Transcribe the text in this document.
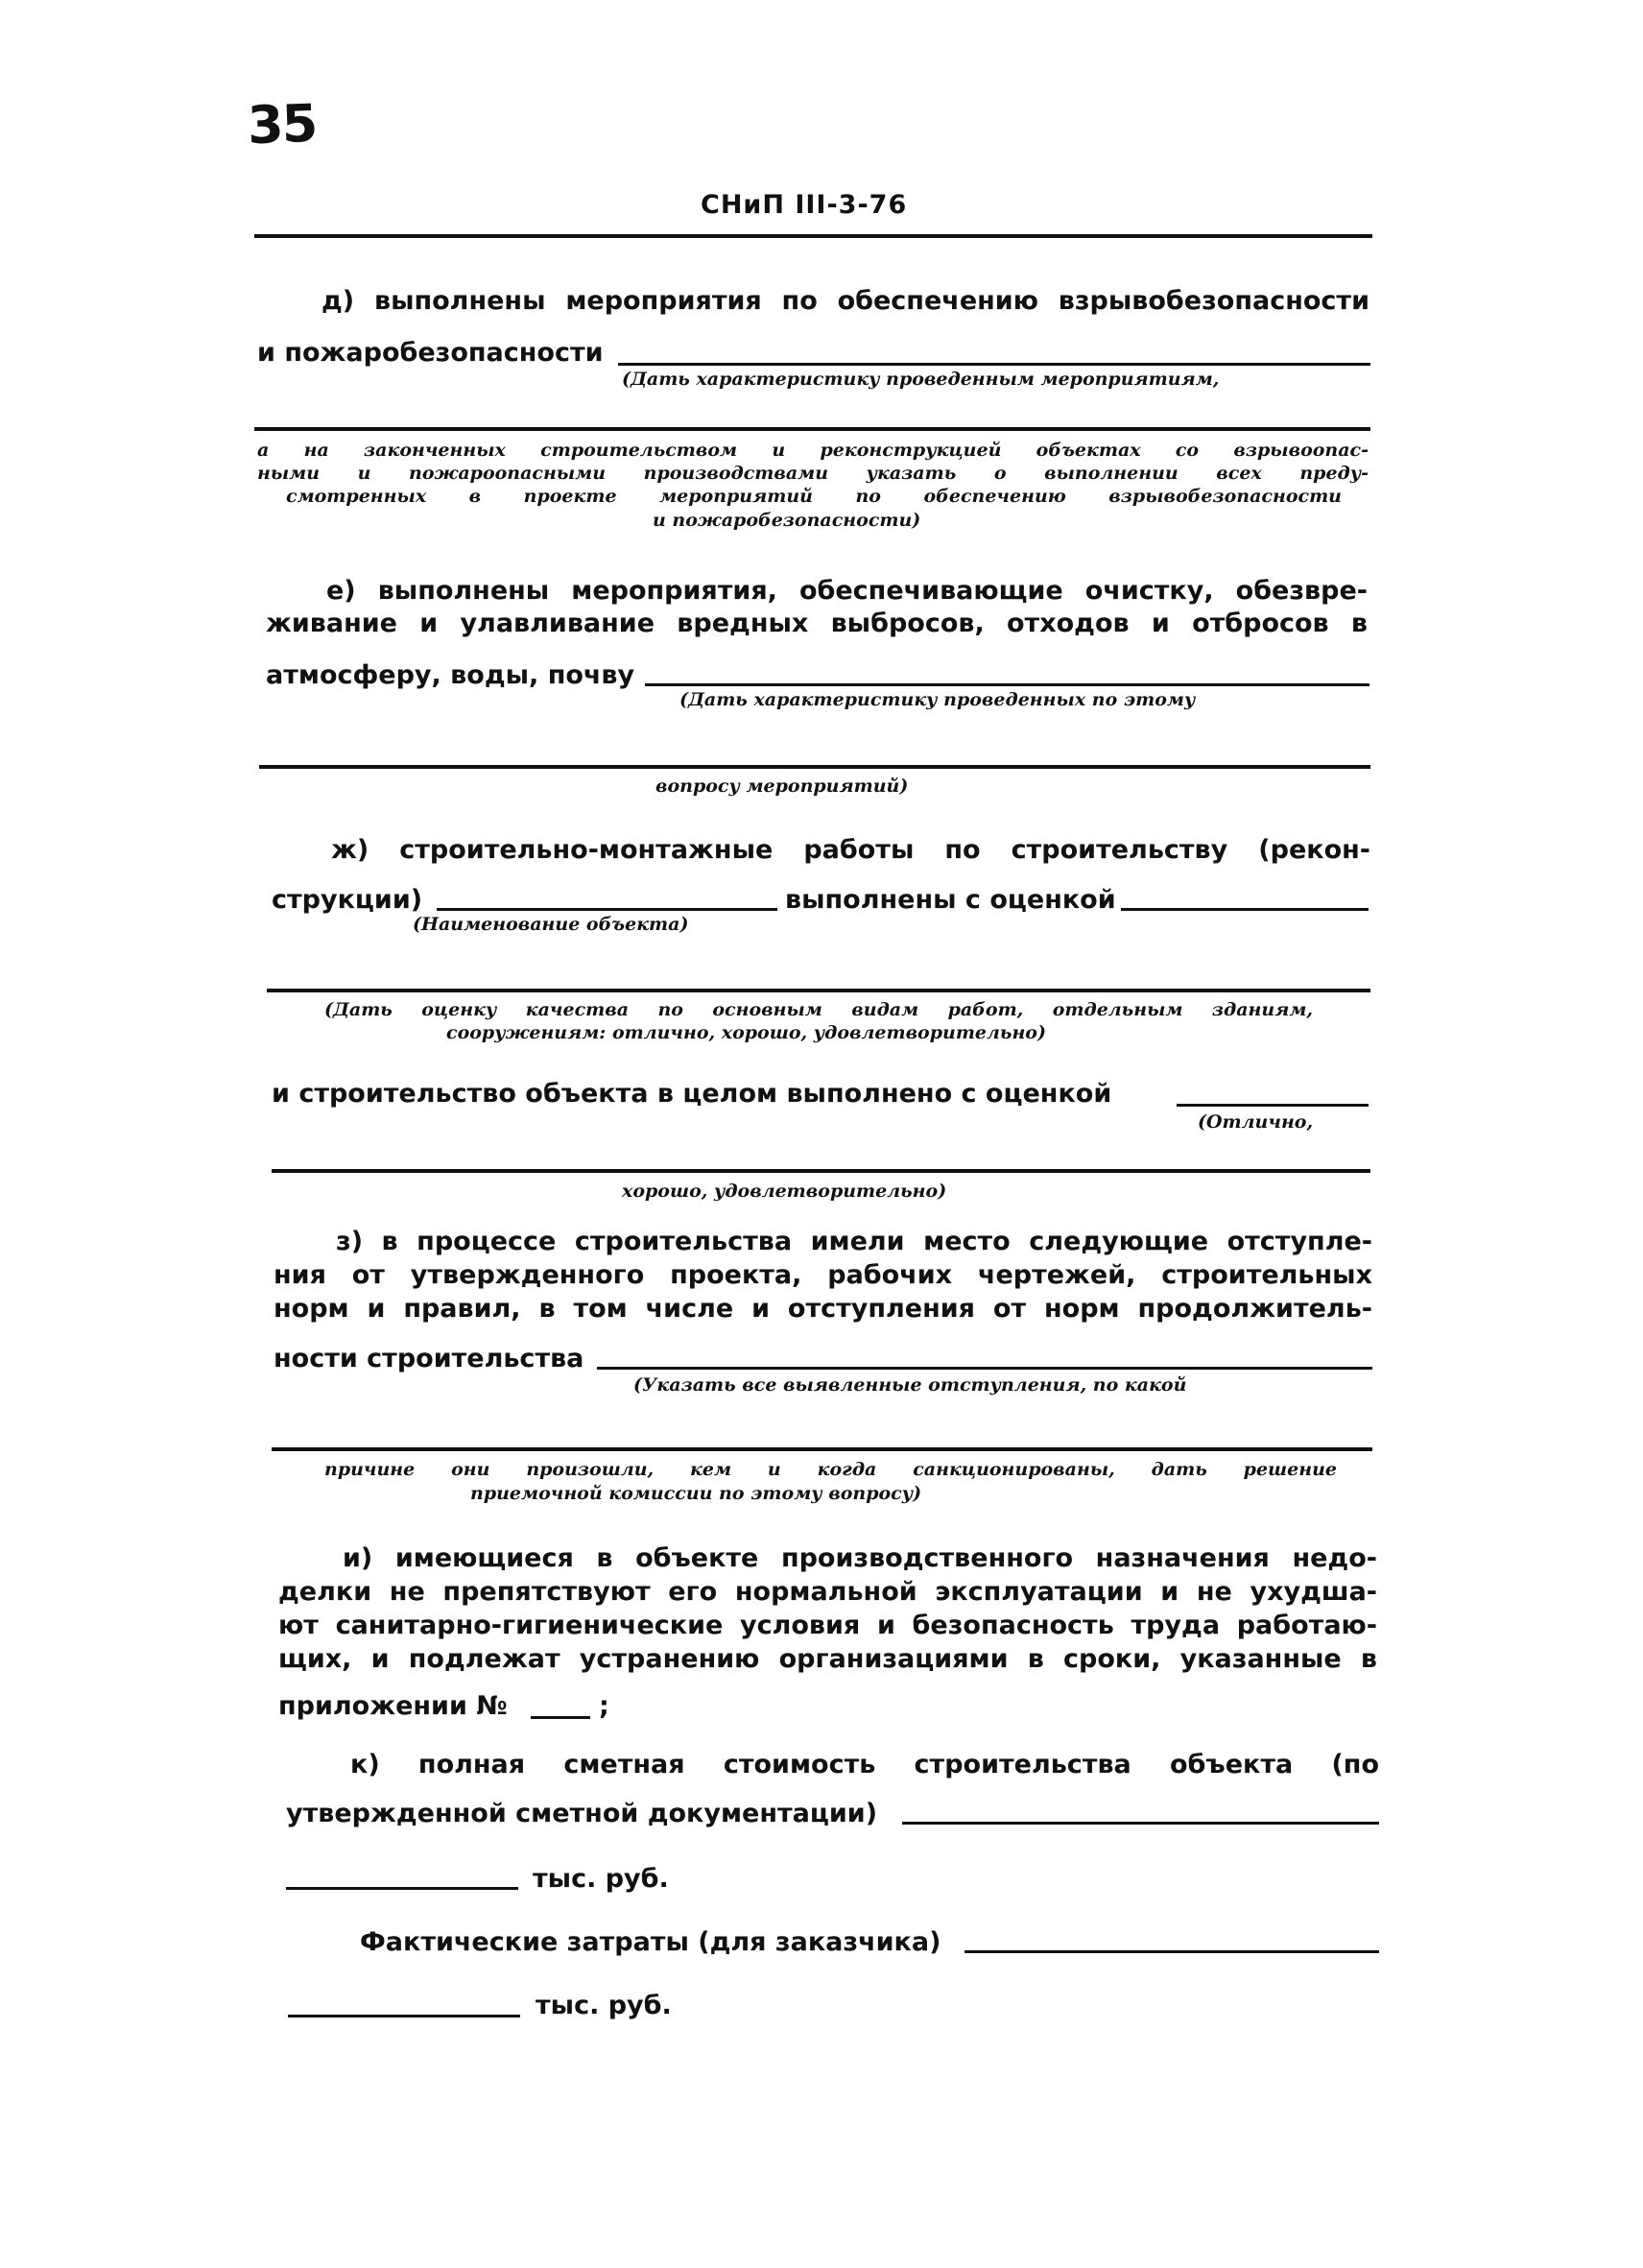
35
СНиП III-3-76
д) выполнены мероприятия по обеспечению взрывобезопасности
и пожаробезопасности
(Дать характеристику проведенным мероприятиям,
а на законченных строительством и реконструкцией объектах со взрывоопас-
ными и пожароопасными производствами указать о выполнении всех преду-
смотренных в проекте мероприятий по обеспечению взрывобезопасности
и пожаробезопасности)
е) выполнены мероприятия, обеспечивающие очистку, обезвре-
живание и улавливание вредных выбросов, отходов и отбросов в
атмосферу, воды, почву
(Дать характеристику проведенных по этому
вопросу мероприятий)
ж) строительно-монтажные работы по строительству (рекон-
струкции)	выполнены с оценкой
(Наименование объекта)
(Дать оценку качества по основным видам работ, отдельным зданиям,
сооружениям: отлично, хорошо, удовлетворительно)
и строительство объекта в целом выполнено с оценкой
(Отлично,
хорошо, удовлетворительно)
з) в процессе строительства имели место следующие отступле-
ния от утвержденного проекта, рабочих чертежей, строительных
норм и правил, в том числе и отступления от норм продолжитель-
ности строительства
(Указать все выявленные отступления, по какой
причине они произошли, кем и когда санкционированы, дать решение
приемочной комиссии по этому вопросу)
и) имеющиеся в объекте производственного назначения недо-
делки не препятствуют его нормальной эксплуатации и не ухудша-
ют санитарно-гигиенические условия и безопасность труда работаю-
щих, и подлежат устранению организациями в сроки, указанные в
приложении №	;
к) полная сметная стоимость строительства объекта (по
утвержденной сметной документации)
тыс. руб.
Фактические затраты (для заказчика)
тыс. руб.
